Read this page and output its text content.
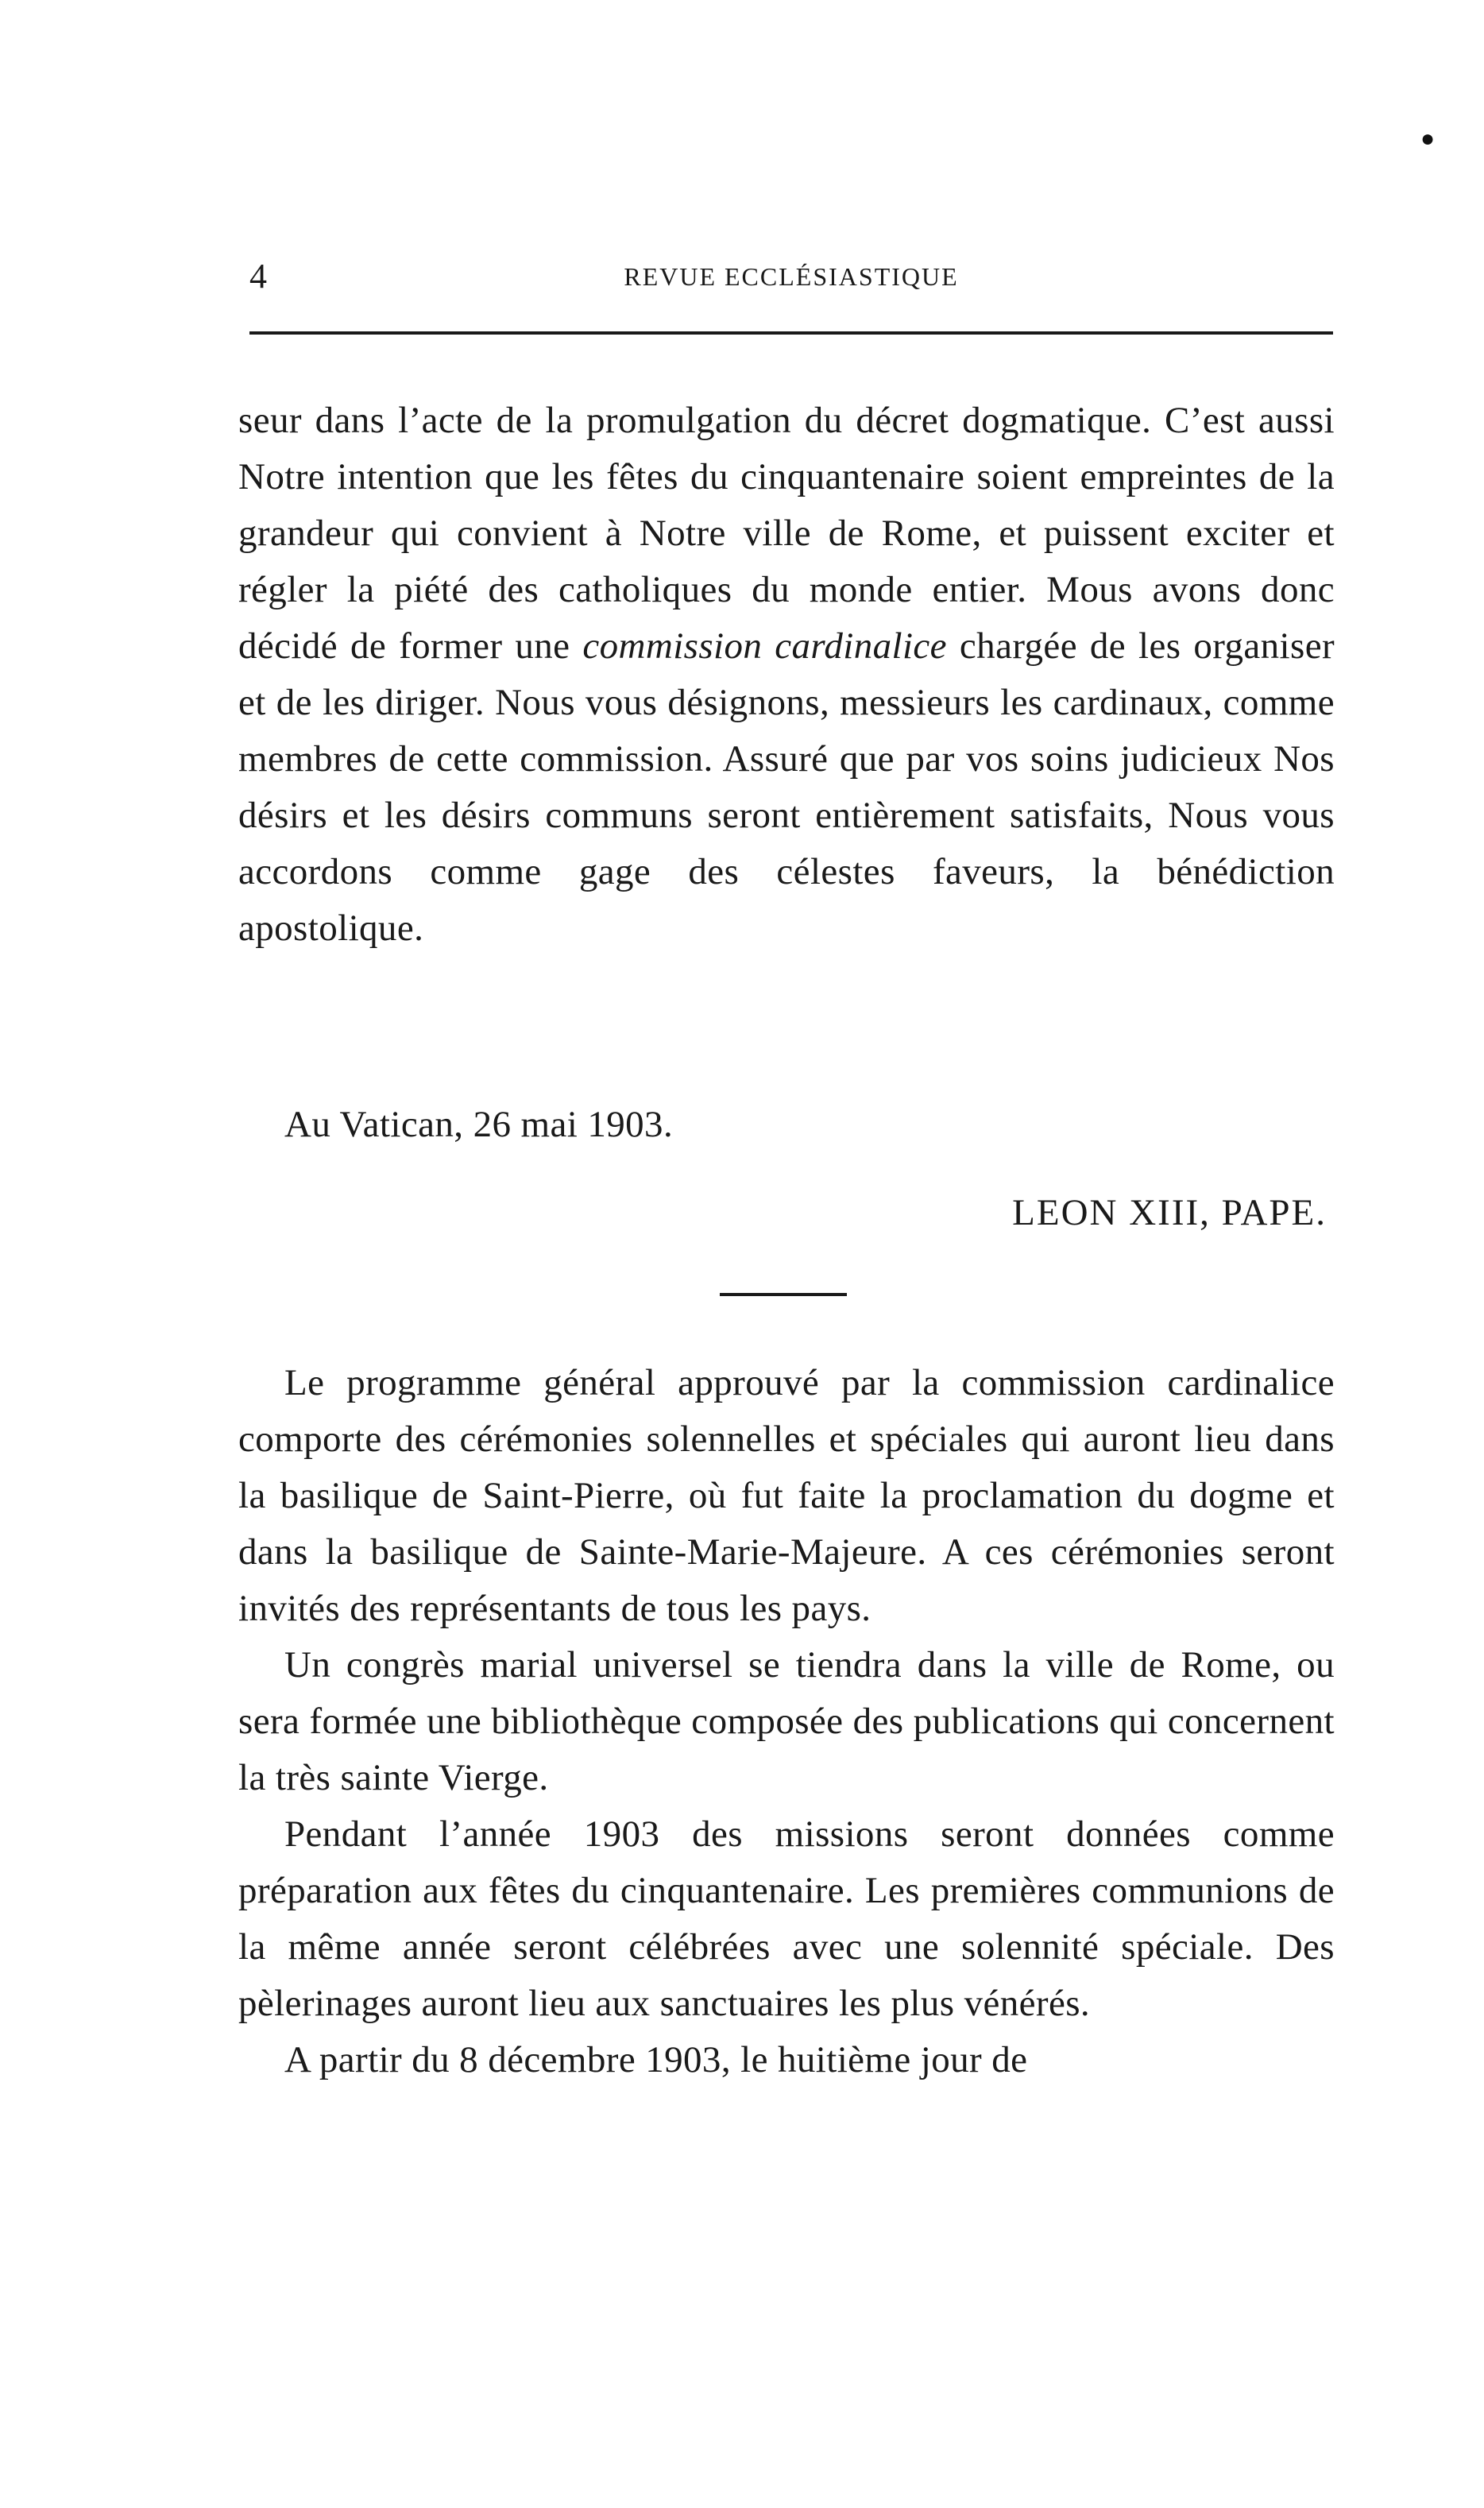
●
4	REVUE ECCLÉSIASTIQUE

seur dans l’acte de la promulgation du décret dogmatique. C’est aussi Notre intention que les fêtes du cinquantenaire soient empreintes de la grandeur qui convient à Notre ville de Rome, et puissent exciter et régler la piété des catholiques du monde entier. Mous avons donc décidé de former une commission cardinalice chargée de les organiser et de les diriger. Nous vous désignons, messieurs les cardinaux, comme membres de cette commission. Assuré que par vos soins judicieux Nos désirs et les désirs communs seront entièrement satisfaits, Nous vous accordons comme gage des célestes faveurs, la bénédiction apostolique.

Au Vatican, 26 mai 1903.
LEON XIII, PAPE.

Le programme général approuvé par la commission cardinalice comporte des cérémonies solennelles et spéciales qui auront lieu dans la basilique de Saint-Pierre, où fut faite la proclamation du dogme et dans la basilique de Sainte-Marie-Majeure. A ces cérémonies seront invités des représentants de tous les pays.

Un congrès marial universel se tiendra dans la ville de Rome, ou sera formée une bibliothèque composée des publications qui concernent la très sainte Vierge.

Pendant l’année 1903 des missions seront données comme préparation aux fêtes du cinquantenaire. Les premières communions de la même année seront célébrées avec une solennité spéciale. Des pèlerinages auront lieu aux sanctuaires les plus vénérés.

A partir du 8 décembre 1903, le huitième jour de
